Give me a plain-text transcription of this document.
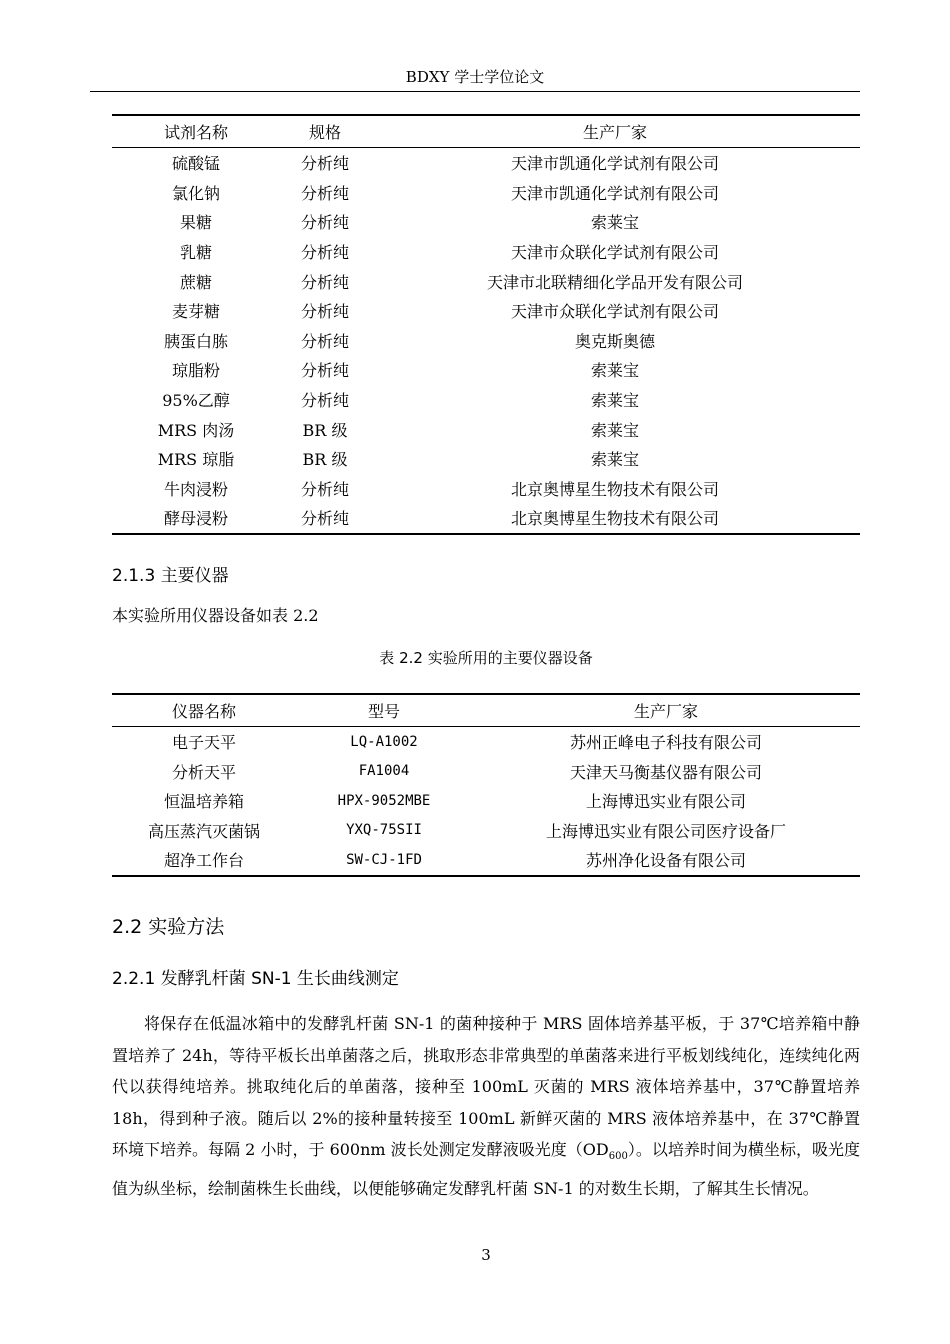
BDXY 学士学位论文
试剂名称	规格	生产厂家
硫酸锰	分析纯	天津市凯通化学试剂有限公司
氯化钠	分析纯	天津市凯通化学试剂有限公司
果糖	分析纯	索莱宝
乳糖	分析纯	天津市众联化学试剂有限公司
蔗糖	分析纯	天津市北联精细化学品开发有限公司
麦芽糖	分析纯	天津市众联化学试剂有限公司
胰蛋白胨	分析纯	奥克斯奥德
琼脂粉	分析纯	索莱宝
95%乙醇	分析纯	索莱宝
MRS 肉汤	BR 级	索莱宝
MRS 琼脂	BR 级	索莱宝
牛肉浸粉	分析纯	北京奥博星生物技术有限公司
酵母浸粉	分析纯	北京奥博星生物技术有限公司
2.1.3 主要仪器
本实验所用仪器设备如表 2.2
表 2.2 实验所用的主要仪器设备
仪器名称	型号	生产厂家
电子天平	LQ-A1002	苏州正峰电子科技有限公司
分析天平	FA1004	天津天马衡基仪器有限公司
恒温培养箱	HPX-9052MBE	上海博迅实业有限公司
高压蒸汽灭菌锅	YXQ-75SII	上海博迅实业有限公司医疗设备厂
超净工作台	SW-CJ-1FD	苏州净化设备有限公司
2.2 实验方法
2.2.1 发酵乳杆菌 SN-1 生长曲线测定
将保存在低温冰箱中的发酵乳杆菌 SN-1 的菌种接种于 MRS 固体培养基平板，于 37℃培养箱中静置培养了 24h，等待平板长出单菌落之后，挑取形态非常典型的单菌落来进行平板划线纯化，连续纯化两代以获得纯培养。挑取纯化后的单菌落，接种至 100mL 灭菌的 MRS 液体培养基中，37℃静置培养 18h，得到种子液。随后以 2%的接种量转接至 100mL 新鲜灭菌的 MRS 液体培养基中，在 37℃静置环境下培养。每隔 2 小时，于 600nm 波长处测定发酵液吸光度$(OD_{600})$。以培养时间为横坐标，吸光度值为纵坐标，绘制菌株生长曲线，以便能够确定发酵乳杆菌 SN-1 的对数生长期，了解其生长情况。
3
